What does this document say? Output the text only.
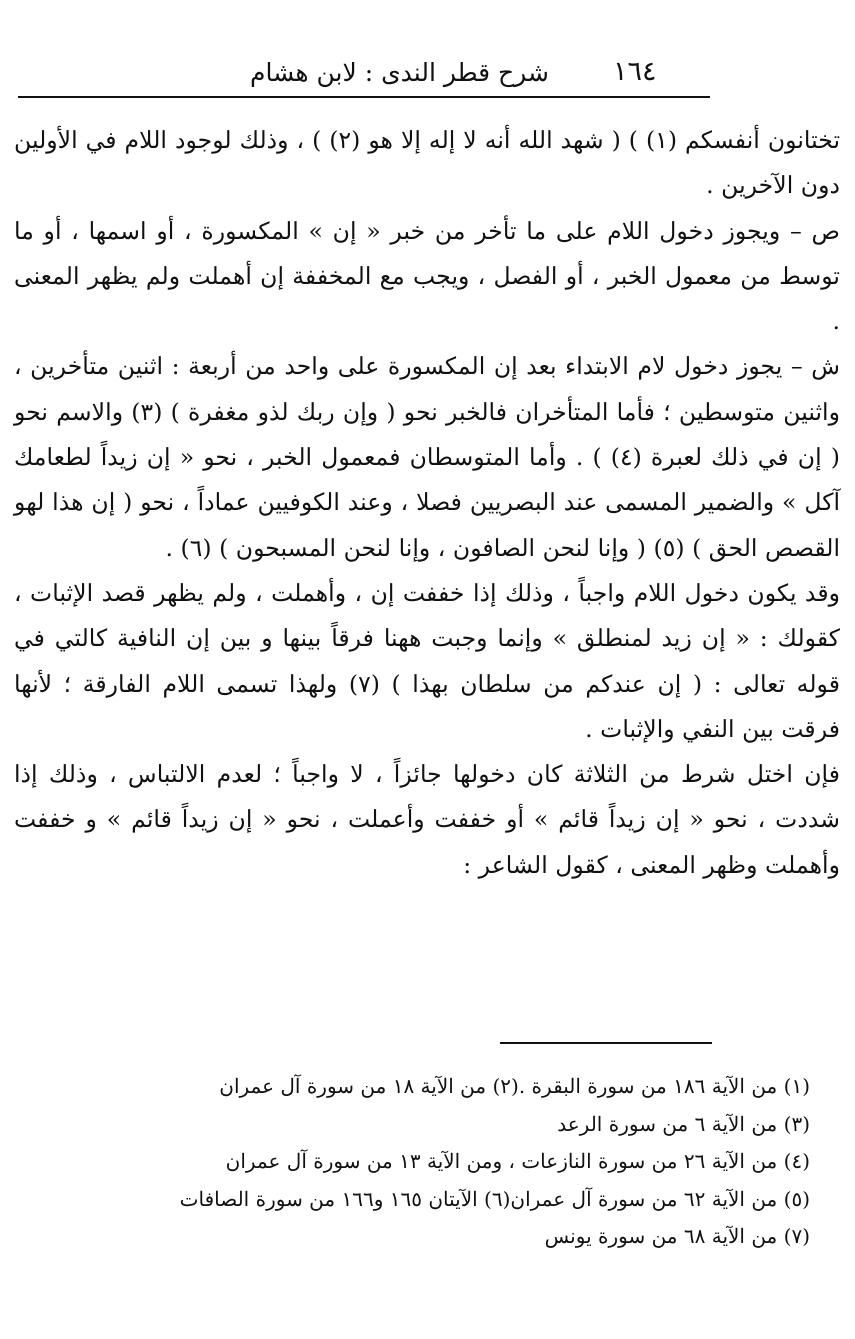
١٦٤
شرح قطر الندى : لابن هشام

تختانون أنفسكم (١) ) ( شهد الله أنه لا إله إلا هو (٢) ) ، وذلك لوجود اللام في الأولين دون الآخرين .

ص – ويجوز دخول اللام على ما تأخر من خبر « إن » المكسورة ، أو اسمها ، أو ما توسط من معمول الخبر ، أو الفصل ، ويجب مع المخففة إن أهملت ولم يظهر المعنى .

ش – يجوز دخول لام الابتداء بعد إن المكسورة على واحد من أربعة : اثنين متأخرين ، واثنين متوسطين ؛ فأما المتأخران فالخبر نحو ( وإن ربك لذو مغفرة ) (٣) والاسم نحو ( إن في ذلك لعبرة (٤) ) . وأما المتوسطان فمعمول الخبر ، نحو « إن زيداً لطعامك آكل » والضمير المسمى عند البصريين فصلا ، وعند الكوفيين عماداً ، نحو ( إن هذا لهو القصص الحق ) (٥) ( وإنا لنحن الصافون ، وإنا لنحن المسبحون ) (٦) .

وقد يكون دخول اللام واجباً ، وذلك إذا خففت إن ، وأهملت ، ولم يظهر قصد الإثبات ، كقولك : « إن زيد لمنطلق » وإنما وجبت ههنا فرقاً بينها و بين إن النافية كالتي في قوله تعالى : ( إن عندكم من سلطان بهذا ) (٧) ولهذا تسمى اللام الفارقة ؛ لأنها فرقت بين النفي والإثبات .

فإن اختل شرط من الثلاثة كان دخولها جائزاً ، لا واجباً ؛ لعدم الالتباس ، وذلك إذا شددت ، نحو « إن زيداً قائم » أو خففت وأعملت ، نحو « إن زيداً قائم » و خففت وأهملت وظهر المعنى ، كقول الشاعر :

(١) من الآية ١٨٦ من سورة البقرة .(٢) من الآية ١٨ من سورة آل عمران

(٣) من الآية ٦ من سورة الرعد

(٤) من الآية ٢٦ من سورة النازعات ، ومن الآية ١٣ من سورة آل عمران

(٥) من الآية ٦٢ من سورة آل عمران(٦) الآيتان ١٦٥ و١٦٦ من سورة الصافات

(٧) من الآية ٦٨ من سورة يونس
